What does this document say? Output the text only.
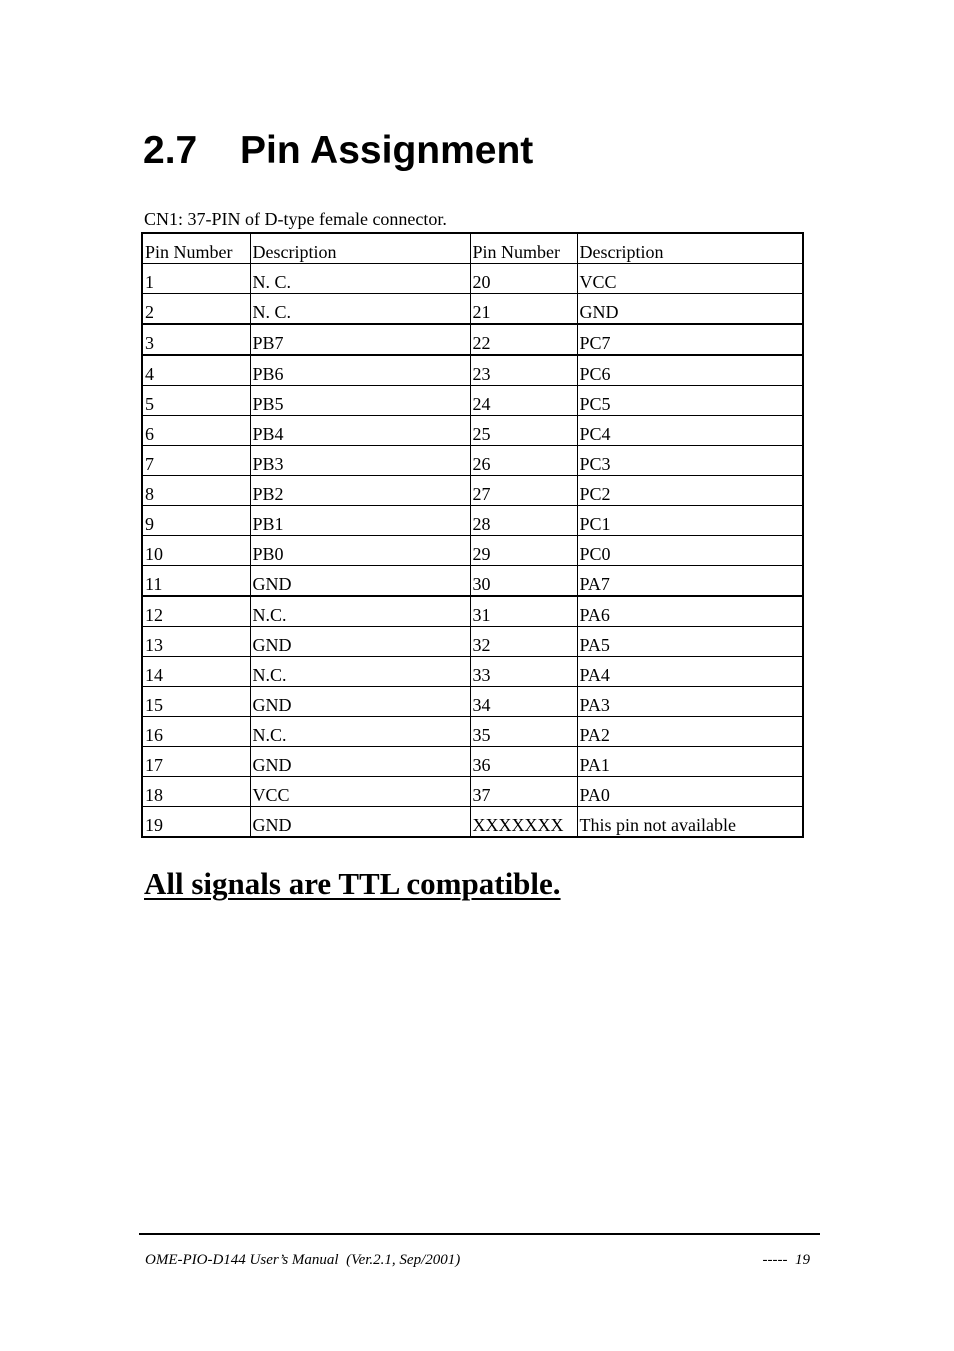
2.7 Pin Assignment
CN1: 37-PIN of D-type female connector.
Pin Number	Description	Pin Number	Description
1	N. C.	20	VCC
2	N. C.	21	GND
3	PB7	22	PC7
4	PB6	23	PC6
5	PB5	24	PC5
6	PB4	25	PC4
7	PB3	26	PC3
8	PB2	27	PC2
9	PB1	28	PC1
10	PB0	29	PC0
11	GND	30	PA7
12	N.C.	31	PA6
13	GND	32	PA5
14	N.C.	33	PA4
15	GND	34	PA3
16	N.C.	35	PA2
17	GND	36	PA1
18	VCC	37	PA0
19	GND	XXXXXXX	This pin not available
All signals are TTL compatible.
OME-PIO-D144 User’s Manual  (Ver.2.1, Sep/2001)	-----  19
